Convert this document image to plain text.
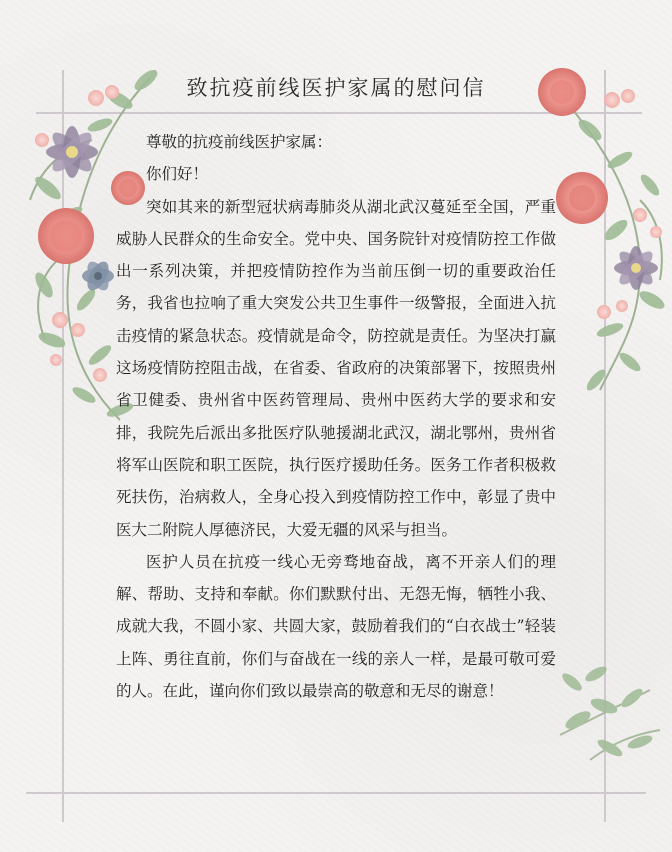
致抗疫前线医护家属的慰问信

尊敬的抗疫前线医护家属：

你们好！

突如其来的新型冠状病毒肺炎从湖北武汉蔓延至全国，严重威胁人民群众的生命安全。党中央、国务院针对疫情防控工作做出一系列决策，并把疫情防控作为当前压倒一切的重要政治任务，我省也拉响了重大突发公共卫生事件一级警报，全面进入抗击疫情的紧急状态。疫情就是命令，防控就是责任。为坚决打赢这场疫情防控阻击战，在省委、省政府的决策部署下，按照贵州省卫健委、贵州省中医药管理局、贵州中医药大学的要求和安排，我院先后派出多批医疗队驰援湖北武汉，湖北鄂州，贵州省将军山医院和职工医院，执行医疗援助任务。医务工作者积极救死扶伤，治病救人，全身心投入到疫情防控工作中，彰显了贵中医大二附院人厚德济民，大爱无疆的风采与担当。

医护人员在抗疫一线心无旁骛地奋战，离不开亲人们的理解、帮助、支持和奉献。你们默默付出、无怨无悔，牺牲小我、成就大我，不圆小家、共圆大家，鼓励着我们的“白衣战士”轻装上阵、勇往直前，你们与奋战在一线的亲人一样，是最可敬可爱的人。在此，谨向你们致以最崇高的敬意和无尽的谢意！
